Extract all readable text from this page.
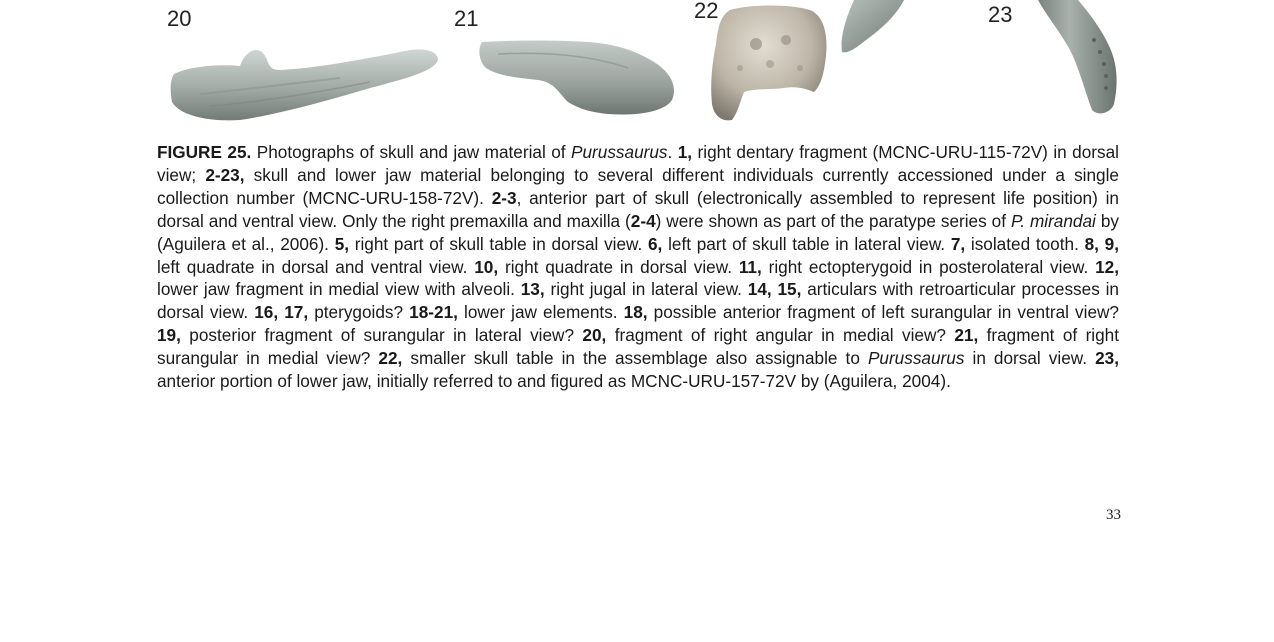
20	21	22	23
FIGURE 25. Photographs of skull and jaw material of Purussaurus. 1, right dentary fragment (MCNC-URU-115-72V) in dorsal view; 2-23, skull and lower jaw material belonging to several different individuals currently accessioned under a single collection number (MCNC-URU-158-72V). 2-3, anterior part of skull (electronically assembled to represent life position) in dorsal and ventral view. Only the right premaxilla and maxilla (2-4) were shown as part of the paratype series of P. mirandai by (Aguilera et al., 2006). 5, right part of skull table in dorsal view. 6, left part of skull table in lateral view. 7, isolated tooth. 8, 9, left quadrate in dorsal and ventral view. 10, right quadrate in dorsal view. 11, right ectopterygoid in posterolateral view. 12, lower jaw fragment in medial view with alveoli. 13, right jugal in lateral view. 14, 15, articulars with retroarticular processes in dorsal view. 16, 17, pterygoids? 18-21, lower jaw elements. 18, possible anterior fragment of left surangular in ventral view? 19, posterior fragment of surangular in lateral view? 20, fragment of right angular in medial view? 21, fragment of right surangular in medial view? 22, smaller skull table in the assemblage also assignable to Purussaurus in dorsal view. 23, anterior portion of lower jaw, initially referred to and figured as MCNC-URU-157-72V by (Aguilera, 2004).
33
